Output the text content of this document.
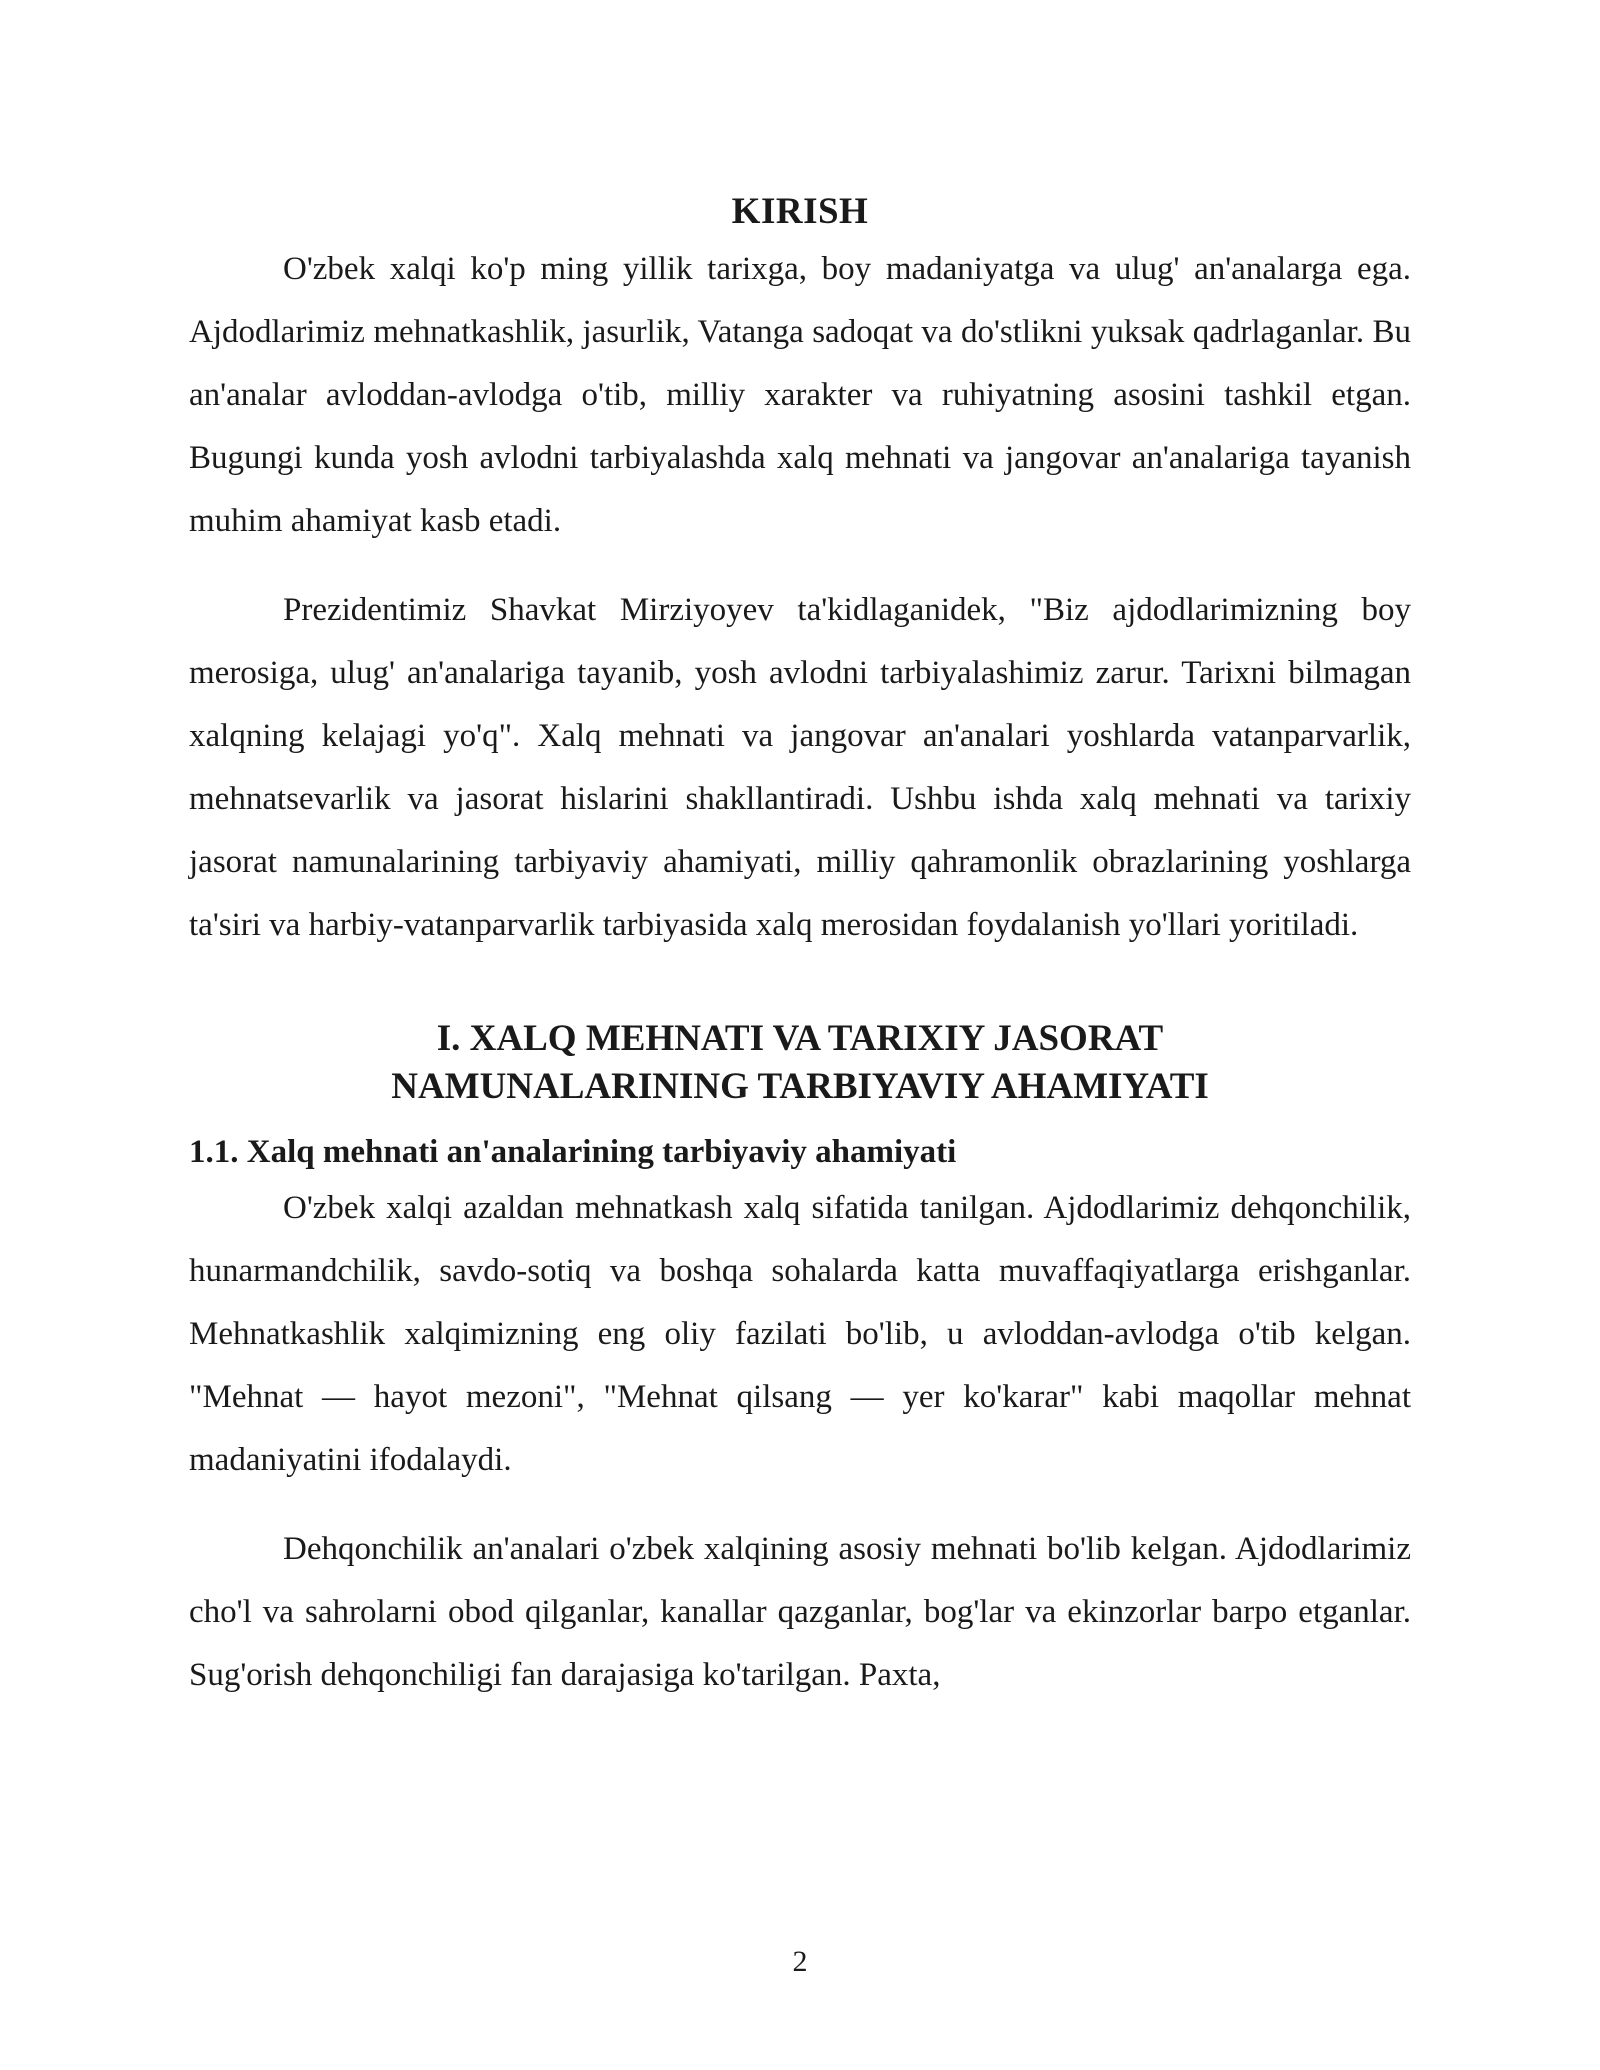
KIRISH

O'zbek xalqi ko'p ming yillik tarixga, boy madaniyatga va ulug' an'analarga ega. Ajdodlarimiz mehnatkashlik, jasurlik, Vatanga sadoqat va do'stlikni yuksak qadrlaganlar. Bu an'analar avloddan-avlodga o'tib, milliy xarakter va ruhiyatning asosini tashkil etgan. Bugungi kunda yosh avlodni tarbiyalashda xalq mehnati va jangovar an'analariga tayanish muhim ahamiyat kasb etadi.

Prezidentimiz Shavkat Mirziyoyev ta'kidlaganidek, "Biz ajdodlarimizning boy merosiga, ulug' an'analariga tayanib, yosh avlodni tarbiyalashimiz zarur. Tarixni bilmagan xalqning kelajagi yo'q". Xalq mehnati va jangovar an'analari yoshlarda vatanparvarlik, mehnatsevarlik va jasorat hislarini shakllantiradi. Ushbu ishda xalq mehnati va tarixiy jasorat namunalarining tarbiyaviy ahamiyati, milliy qahramonlik obrazlarining yoshlarga ta'siri va harbiy-vatanparvarlik tarbiyasida xalq merosidan foydalanish yo'llari yoritiladi.

I. XALQ MEHNATI VA TARIXIY JASORAT
NAMUNALARINING TARBIYAVIY AHAMIYATI
1.1. Xalq mehnati an'analarining tarbiyaviy ahamiyati

O'zbek xalqi azaldan mehnatkash xalq sifatida tanilgan. Ajdodlarimiz dehqonchilik, hunarmandchilik, savdo-sotiq va boshqa sohalarda katta muvaffaqiyatlarga erishganlar. Mehnatkashlik xalqimizning eng oliy fazilati bo'lib, u avloddan-avlodga o'tib kelgan. "Mehnat — hayot mezoni", "Mehnat qilsang — yer ko'karar" kabi maqollar mehnat madaniyatini ifodalaydi.

Dehqonchilik an'analari o'zbek xalqining asosiy mehnati bo'lib kelgan. Ajdodlarimiz cho'l va sahrolarni obod qilganlar, kanallar qazganlar, bog'lar va ekinzorlar barpo etganlar. Sug'orish dehqonchiligi fan darajasiga ko'tarilgan. Paxta,

2
